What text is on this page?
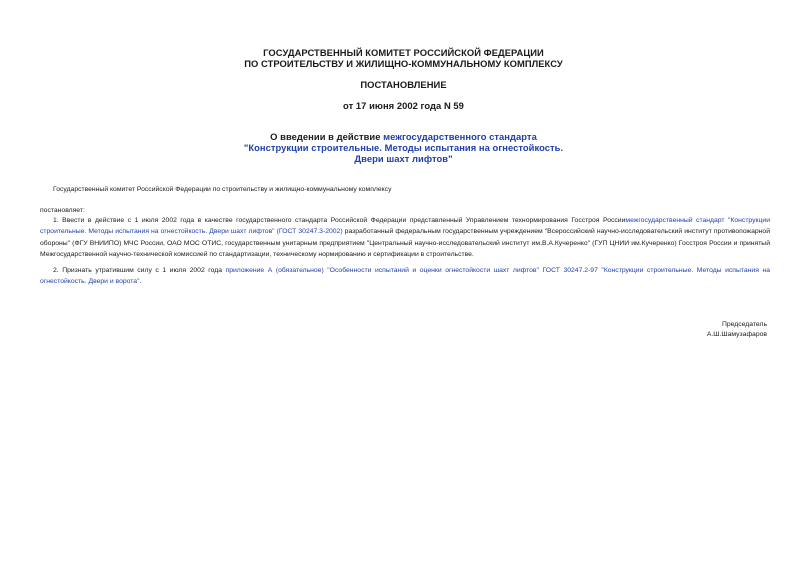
ГОСУДАРСТВЕННЫЙ КОМИТЕТ РОССИЙСКОЙ ФЕДЕРАЦИИ
ПО СТРОИТЕЛЬСТВУ И ЖИЛИЩНО-КОММУНАЛЬНОМУ КОМПЛЕКСУ
ПОСТАНОВЛЕНИЕ
от 17 июня 2002 года N 59
О введении в действие межгосударственного стандарта
"Конструкции строительные. Методы испытания на огнестойкость.
Двери шахт лифтов"
Государственный комитет Российской Федерации по строительству и жилищно-коммунальному комплексу
постановляет:
1. Ввести в действие с 1 июля 2002 года в качестве государственного стандарта Российской Федерации представленный Управлением технормирования Госстроя Россиимежгосударственный стандарт "Конструкции строительные. Методы испытания на огнестойкость. Двери шахт лифтов" (ГОСТ 30247.3-2002) разработанный федеральным государственным учреждением "Всероссийский научно-исследовательский институт противопожарной обороны" (ФГУ ВНИИПО) МЧС России, ОАО МОС ОТИС, государственным унитарным предприятием "Центральный научно-исследовательский институт им.В.А.Кучеренко" (ГУП ЦНИИ им.Кучеренко) Госстроя России и принятый Межгосударственной научно-технической комиссией по стандартизации, техническому нормированию и сертификации в строительстве.
2. Признать утратившим силу с 1 июля 2002 года приложение А (обязательное) "Особенности испытаний и оценки огнестойкости шахт лифтов" ГОСТ 30247.2-97 "Конструкции строительные. Методы испытания на огнестойкость. Двери и ворота".
Председатель
А.Ш.Шамузафаров
